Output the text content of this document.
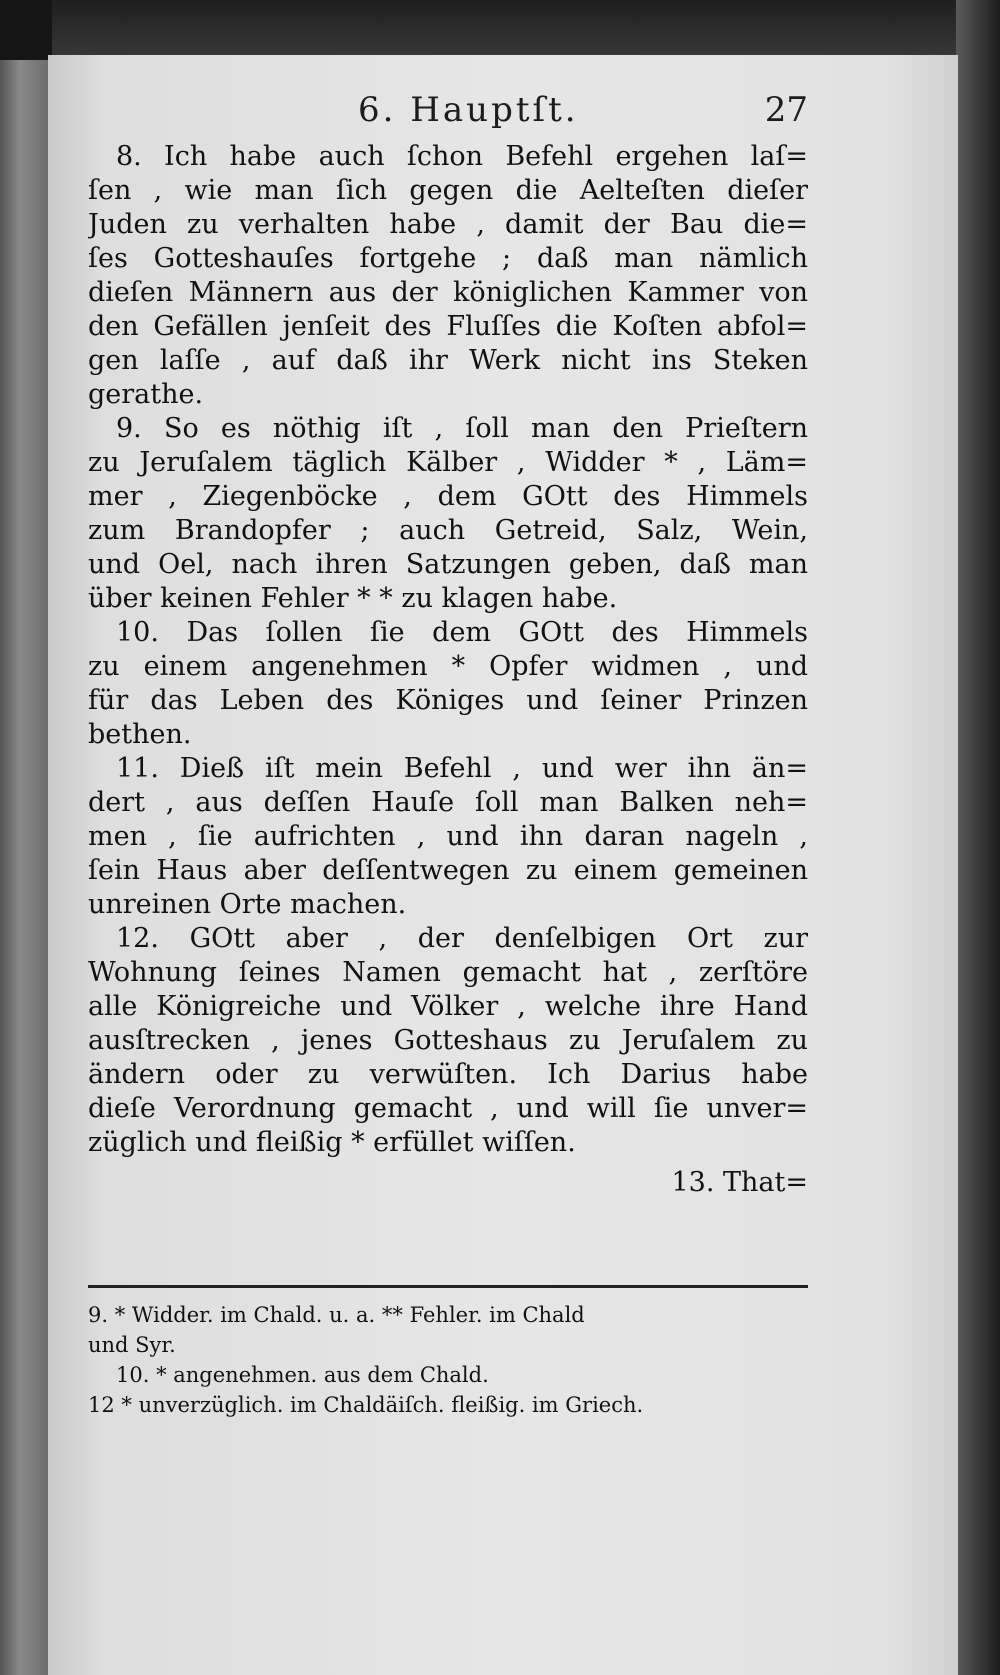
6. Hauptſt.	27
8. Ich habe auch ſchon Befehl ergehen laſ=
ſen , wie man ſich gegen die Aelteſten dieſer
Juden zu verhalten habe , damit der Bau die=
ſes Gotteshauſes fortgehe ; daß man nämlich
dieſen Männern aus der königlichen Kammer von
den Gefällen jenſeit des Fluſſes die Koſten abfol=
gen laſſe , auf daß ihr Werk nicht ins Steken
gerathe.
9. So es nöthig iſt , ſoll man den Prieſtern
zu Jeruſalem täglich Kälber , Widder * , Läm=
mer , Ziegenböcke , dem GOtt des Himmels
zum Brandopfer ; auch Getreid, Salz, Wein,
und Oel, nach ihren Satzungen geben, daß man
über keinen Fehler * * zu klagen habe.
10. Das ſollen ſie dem GOtt des Himmels
zu einem angenehmen * Opfer widmen , und
für das Leben des Königes und ſeiner Prinzen
bethen.
11. Dieß iſt mein Befehl , und wer ihn än=
dert , aus deſſen Hauſe ſoll man Balken neh=
men , ſie aufrichten , und ihn daran nageln ,
ſein Haus aber deſſentwegen zu einem gemeinen
unreinen Orte machen.
12. GOtt aber , der denſelbigen Ort zur
Wohnung ſeines Namen gemacht hat , zerſtöre
alle Königreiche und Völker , welche ihre Hand
ausſtrecken , jenes Gotteshaus zu Jeruſalem zu
ändern oder zu verwüſten. Ich Darius habe
dieſe Verordnung gemacht , und will ſie unver=
züglich und fleißig * erfüllet wiſſen.
13. That=
9. * Widder. im Chald. u. a. ** Fehler. im Chald
und Syr.
10. * angenehmen. aus dem Chald.
12 * unverzüglich. im Chaldäiſch. fleißig. im Griech.
